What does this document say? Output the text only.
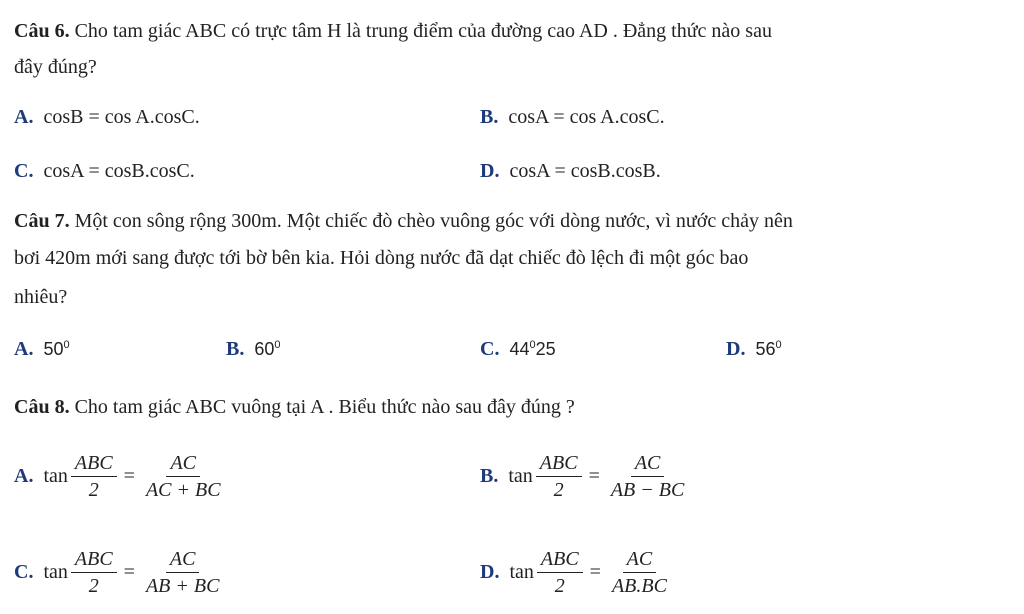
Câu 6. Cho tam giác ABC có trực tâm H là trung điểm của đường cao AD . Đẳng thức nào sau
đây đúng?
A. cosB = cos A.cosC.	B. cosA = cos A.cosC.
C. cosA = cosB.cosC.	D. cosA = cosB.cosB.
Câu 7. Một con sông rộng 300m. Một chiếc đò chèo vuông góc với dòng nước, vì nước chảy nên
bơi 420m mới sang được tới bờ bên kia. Hỏi dòng nước đã dạt chiếc đò lệch đi một góc bao
nhiêu?
A. $50^0$	B. $60^0$	C. $44^025$	D. $56^0$
Câu 8. Cho tam giác ABC vuông tại A . Biểu thức nào sau đây đúng ?
A. $\tan \frac{\text{ABC}}{2} = \frac{AC}{AC + BC}$	B. $\tan \frac{\text{ABC}}{2} = \frac{AC}{AB - BC}$
C. $\tan \frac{\text{ABC}}{2} = \frac{AC}{AB + BC}$	D. $\tan \frac{\text{ABC}}{2} = \frac{AC}{AB.BC}$
